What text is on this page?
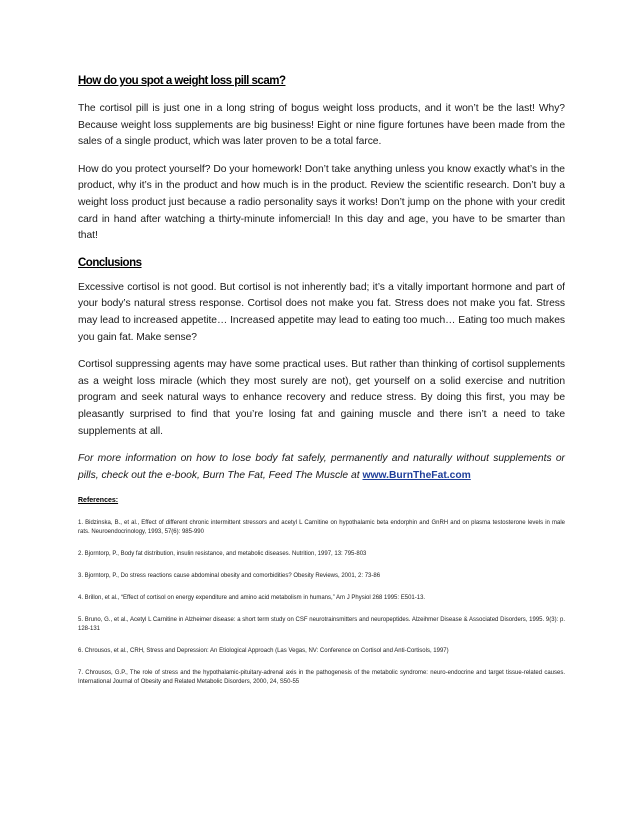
How do you spot a weight loss pill scam?

The cortisol pill is just one in a long string of bogus weight loss products, and it won’t be the last! Why? Because weight loss supplements are big business! Eight or nine figure fortunes have been made from the sales of a single product, which was later proven to be a total farce.

How do you protect yourself? Do your homework! Don’t take anything unless you know exactly what’s in the product, why it’s in the product and how much is in the product. Review the scientific research. Don’t buy a weight loss product just because a radio personality says it works! Don’t jump on the phone with your credit card in hand after watching a thirty-minute infomercial! In this day and age, you have to be smarter than that!

Conclusions

Excessive cortisol is not good. But cortisol is not inherently bad; it’s a vitally important hormone and part of your body’s natural stress response. Cortisol does not make you fat. Stress does not make you fat. Stress may lead to increased appetite… Increased appetite may lead to eating too much… Eating too much makes you gain fat. Make sense?

Cortisol suppressing agents may have some practical uses. But rather than thinking of cortisol supplements as a weight loss miracle (which they most surely are not), get yourself on a solid exercise and nutrition program and seek natural ways to enhance recovery and reduce stress. By doing this first, you may be pleasantly surprised to find that you’re losing fat and gaining muscle and there isn’t a need to take supplements at all.

For more information on how to lose body fat safely, permanently and naturally without supplements or pills, check out the e-book, Burn The Fat, Feed The Muscle at www.BurnTheFat.com

References:
1. Bidzinska, B., et al., Effect of different chronic intermittent stressors and acetyl L Carnitine on hypothalamic beta endorphin and GnRH and on plasma testosterone levels in male rats. Neuroendocrinology, 1993, 57(6): 985-990
2. Bjorntorp, P., Body fat distribution, insulin resistance, and metabolic diseases. Nutrition, 1997, 13: 795-803
3. Bjorntorp, P., Do stress reactions cause abdominal obesity and comorbidities? Obesity Reviews, 2001, 2: 73-86
4. Brillon, et al., “Effect of cortisol on energy expenditure and amino acid metabolism in humans,” Am J Physiol 268 1995: E501-13.
5. Bruno, G., et al., Acetyl L Carnitine in Alzheimer disease: a short term study on CSF neurotrainsmitters and neuropeptides. Alzeihmer Disease & Associated Disorders, 1995. 9(3): p. 128-131
6. Chrousos, et al., CRH, Stress and Depression: An Etiological Approach (Las Vegas, NV: Conference on Cortisol and Anti-Cortisols, 1997)
7. Chrousos, G.P., The role of stress and the hypothalamic-pituitary-adrenal axis in the pathogenesis of the metabolic syndrome: neuro-endocrine and target tissue-related causes. International Journal of Obesity and Related Metabolic Disorders, 2000, 24, S50-55
